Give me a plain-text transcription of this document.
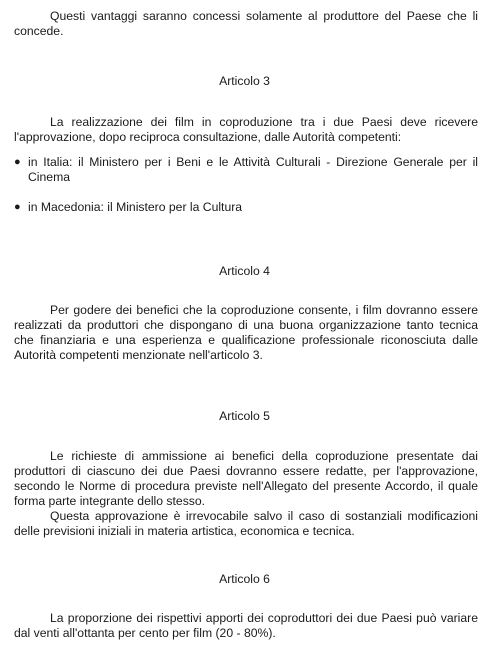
Questi vantaggi saranno concessi solamente al produttore del Paese che li concede.

Articolo 3

La realizzazione dei film in coproduzione tra i due Paesi deve ricevere l'approvazione, dopo reciproca consultazione, dalle Autorità competenti:

● in Italia: il Ministero per i Beni e le Attività Culturali - Direzione Generale per il Cinema
● in Macedonia: il Ministero per la Cultura

Articolo 4

Per godere dei benefici che la coproduzione consente, i film dovranno essere realizzati da produttori che dispongano di una buona organizzazione tanto tecnica che finanziaria e una esperienza e qualificazione professionale riconosciuta dalle Autorità competenti menzionate nell'articolo 3.

Articolo 5

Le richieste di ammissione ai benefici della coproduzione presentate dai produttori di ciascuno dei due Paesi dovranno essere redatte, per l'approvazione, secondo le Norme di procedura previste nell'Allegato del presente Accordo, il quale forma parte integrante dello stesso.

Questa approvazione è irrevocabile salvo il caso di sostanziali modificazioni delle previsioni iniziali in materia artistica, economica e tecnica.

Articolo 6

La proporzione dei rispettivi apporti dei coproduttori dei due Paesi può variare dal venti all'ottanta per cento per film (20 - 80%).
